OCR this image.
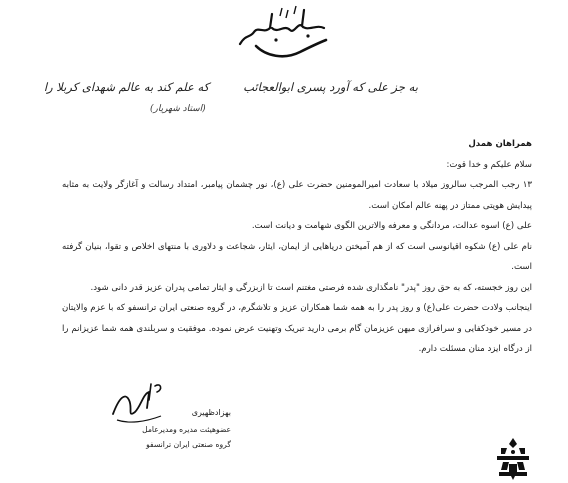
به جز علی که آورد پسری ابوالعجائبکه علم کند به عالم شهدای کربلا را
(استاد شهریار)

همراهان همدل

سلام علیکم و خدا قوت:

۱۳ رجب المرجب سالروز میلاد با سعادت امیرالمومنین حضرت علی (ع)، نور چشمان پیامبر، امتداد رسالت و آغازگر ولایت به مثابه پیدایش هویتی ممتاز در پهنه عالم امکان است.

علی (ع) اسوه عدالت، مردانگی و معرفه والاترین الگوی شهامت و دیانت است.

نام علی (ع) شکوه اقیانوسی است که از هم آمیختن دریاهایی از ایمان، ایثار، شجاعت و دلاوری با منتهای اخلاص و تقوا، بنیان گرفته است.

این روز خجسته، که به حق روز "پدر" نامگذاری شده فرصتی مغتنم است تا ازبزرگی و ایثار تمامی پدران عزیز قدر دانی شود.

اینجانب ولادت حضرت علی(ع) و روز پدر را به همه شما همکاران عزیز و تلاشگرم، در گروه صنعتی ایران ترانسفو که با عزم والایتان در مسیر خودکفایی و سرافرازی میهن عزیزمان گام برمی دارید تبریک وتهنیت عرض نموده. موفقیت و سربلندی همه شما عزیزانم را از درگاه ایزد منان مسئلت دارم.

بهزادظهیری
عضوهیئت مدیره ومدیرعامل
گروه صنعتی ایران ترانسفو
